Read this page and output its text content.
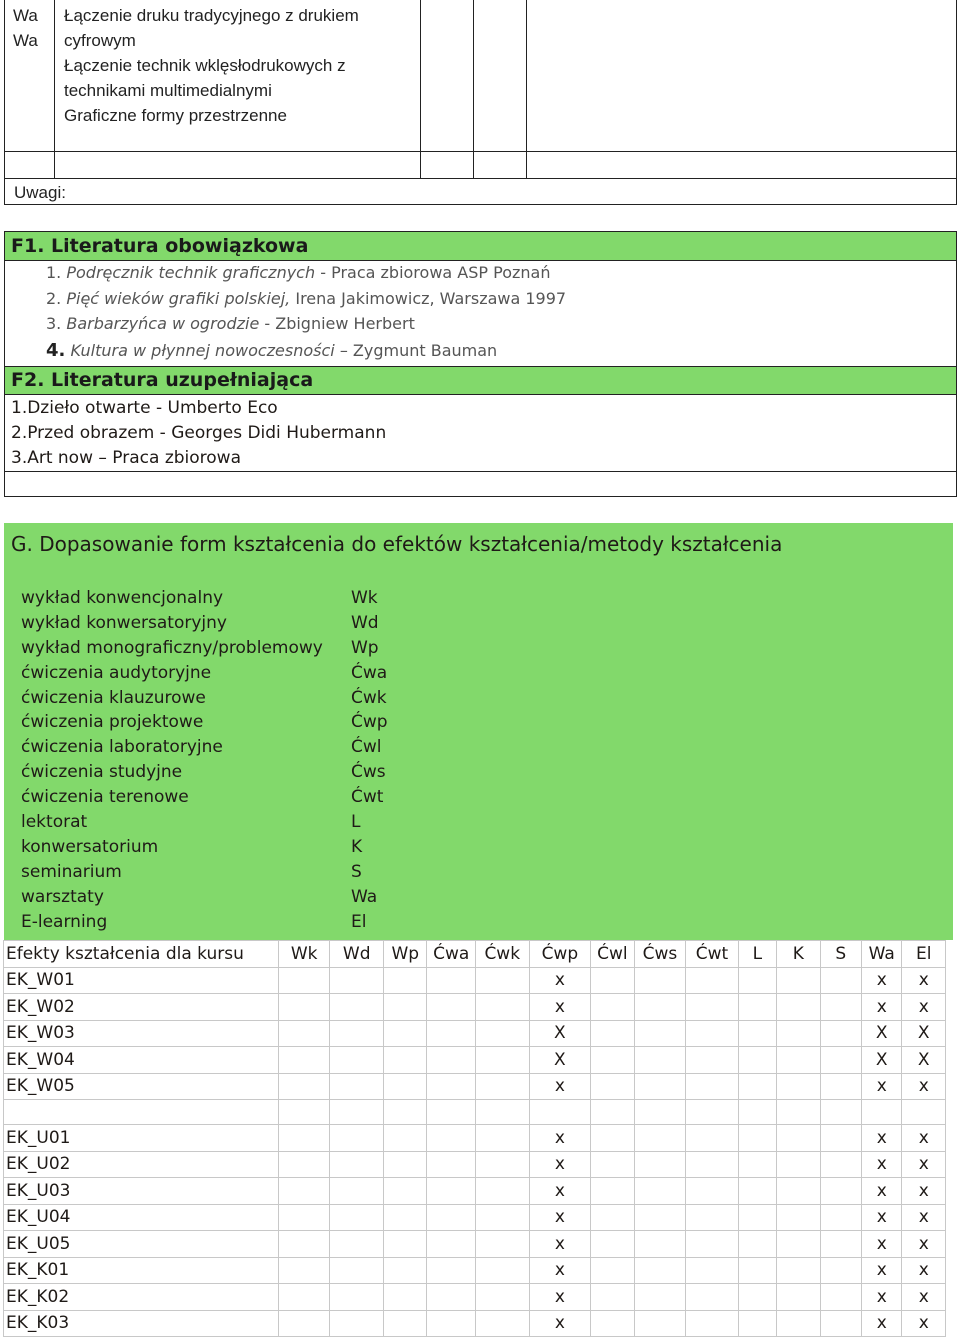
Wa
Wa
Łączenie druku tradycyjnego z drukiem cyfrowym
Łączenie technik wklęsłodrukowych z technikami multimedialnymi
Graficzne formy przestrzenne
Uwagi:
F1. Literatura obowiązkowa
1. Podręcznik technik graficznych - Praca zbiorowa ASP Poznań
2. Pięć wieków grafiki polskiej, Irena Jakimowicz, Warszawa 1997
3. Barbarzyńca w ogrodzie - Zbigniew Herbert
4. Kultura w płynnej nowoczesności – Zygmunt Bauman
F2. Literatura uzupełniająca
1.Dzieło otwarte - Umberto Eco
2.Przed obrazem - Georges Didi Hubermann
3.Art now – Praca zbiorowa
G. Dopasowanie form kształcenia do efektów kształcenia/metody kształcenia
wykład konwencjonalny	Wk
wykład konwersatoryjny	Wd
wykład monograficzny/problemowy Wp
ćwiczenia audytoryjne	Ćwa
ćwiczenia klauzurowe	Ćwk
ćwiczenia projektowe	Ćwp
ćwiczenia laboratoryjne	Ćwl
ćwiczenia studyjne	Ćws
ćwiczenia terenowe	Ćwt
lektorat	L
konwersatorium	K
seminarium	S
warsztaty	Wa
E-learning	El
Efekty kształcenia dla kursu	Wk	Wd	Wp	Ćwa	Ćwk	Ćwp	Ćwl	Ćws	Ćwt	L	K	S	Wa	El
EK_W01						x							x	x
EK_W02						x							x	x
EK_W03						X							X	X
EK_W04						X							X	X
EK_W05						x							x	x

EK_U01						x							x	x
EK_U02						x							x	x
EK_U03						x							x	x
EK_U04						x							x	x
EK_U05						x							x	x
EK_K01						x							x	x
EK_K02						x							x	x
EK_K03						x							x	x
